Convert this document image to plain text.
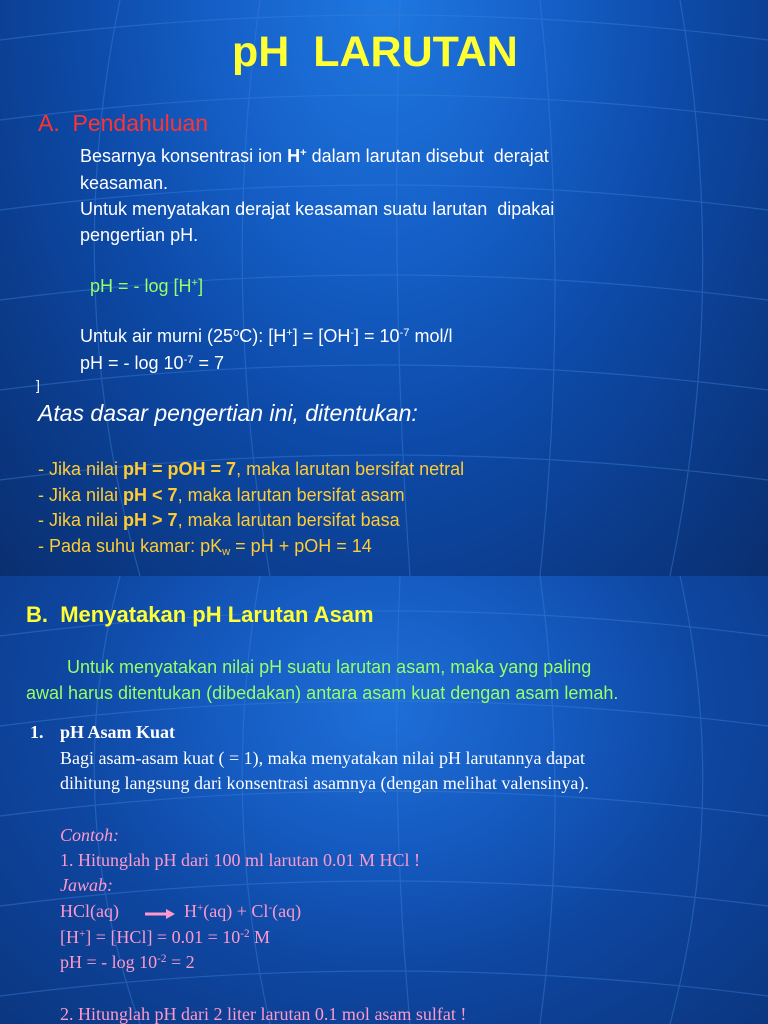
pH  LARUTAN
A.  Pendahuluan
Besarnya konsentrasi ion H+ dalam larutan disebut  derajat
keasaman.
Untuk menyatakan derajat keasaman suatu larutan  dipakai
pengertian pH.
pH = - log [H+]
Untuk air murni (25$^o$C): $[H^+] = [OH^-] = 10^{-7}$ mol/l
pH = - $\log 10^{-7} = 7$
]
Atas dasar pengertian ini, ditentukan:
- Jika nilai pH = pOH = 7, maka larutan bersifat netral
- Jika nilai pH < 7, maka larutan bersifat asam
- Jika nilai pH > 7, maka larutan bersifat basa
- Pada suhu kamar: $pK_w$ = pH + pOH = 14
B.  Menyatakan pH Larutan Asam
Untuk menyatakan nilai pH suatu larutan asam, maka yang paling
awal harus ditentukan (dibedakan) antara asam kuat dengan asam lemah.
1. pH Asam Kuat
Bagi asam-asam kuat ( = 1), maka menyatakan nilai pH larutannya dapat
dihitung langsung dari konsentrasi asamnya (dengan melihat valensinya).
Contoh:
1. Hitunglah pH dari 100 ml larutan 0.01 M HCl !
Jawab:
HCl(aq) → H+(aq) + Cl-(aq)
$[H^+] = [HCl] = 0.01 = 10^{-2}$ M
pH = - $\log 10^{-2} = 2$
2. Hitunglah pH dari 2 liter larutan 0.1 mol asam sulfat !
